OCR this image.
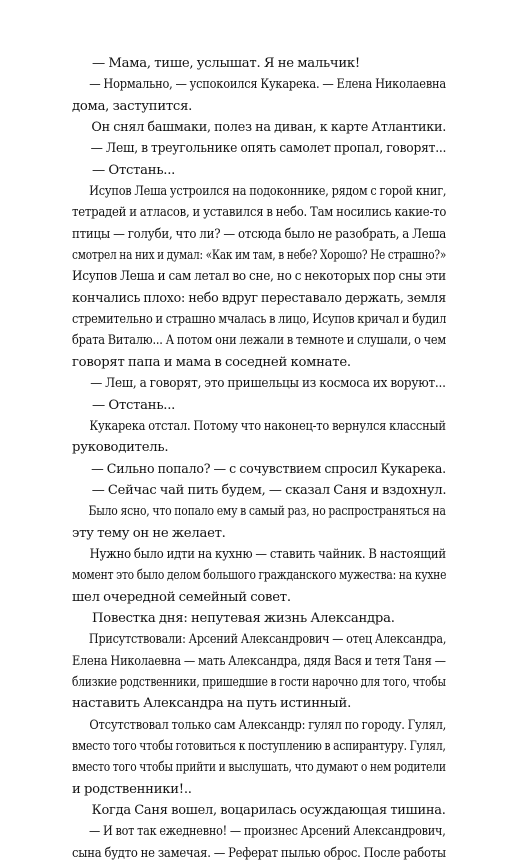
— Мама, тише, услышат. Я не мальчик!
— Нормально, — успокоился Кукарека. — Елена Николаевна
дома, заступится.
Он снял башмаки, полез на диван, к карте Атлантики.
— Леш, в треугольнике опять самолет пропал, говорят...
— Отстань...
Исупов Леша устроился на подоконнике, рядом с горой книг,
тетрадей и атласов, и уставился в небо. Там носились какие-то
птицы — голуби, что ли? — отсюда было не разобрать, а Леша
смотрел на них и думал: «Как им там, в небе? Хорошо? Не страшно?»
Исупов Леша и сам летал во сне, но с некоторых пор сны эти
кончались плохо: небо вдруг переставало держать, земля
стремительно и страшно мчалась в лицо, Исупов кричал и будил
брата Виталю... А потом они лежали в темноте и слушали, о чем
говорят папа и мама в соседней комнате.
— Леш, а говорят, это пришельцы из космоса их воруют...
— Отстань...
Кукарека отстал. Потому что наконец-то вернулся классный
руководитель.
— Сильно попало? — с сочувствием спросил Кукарека.
— Сейчас чай пить будем, — сказал Саня и вздохнул.
Было ясно, что попало ему в самый раз, но распространяться на
эту тему он не желает.
Нужно было идти на кухню — ставить чайник. В настоящий
момент это было делом большого гражданского мужества: на кухне
шел очередной семейный совет.
Повестка дня: непутевая жизнь Александра.
Присутствовали: Арсений Александрович — отец Александра,
Елена Николаевна — мать Александра, дядя Вася и тетя Таня —
близкие родственники, пришедшие в гости нарочно для того, чтобы
наставить Александра на путь истинный.
Отсутствовал только сам Александр: гулял по городу. Гулял,
вместо того чтобы готовиться к поступлению в аспирантуру. Гулял,
вместо того чтобы прийти и выслушать, что думают о нем родители
и родственники!..
Когда Саня вошел, воцарилась осуждающая тишина.
— И вот так ежедневно! — произнес Арсений Александрович,
сына будто не замечая. — Реферат пылью оброс. После работы
